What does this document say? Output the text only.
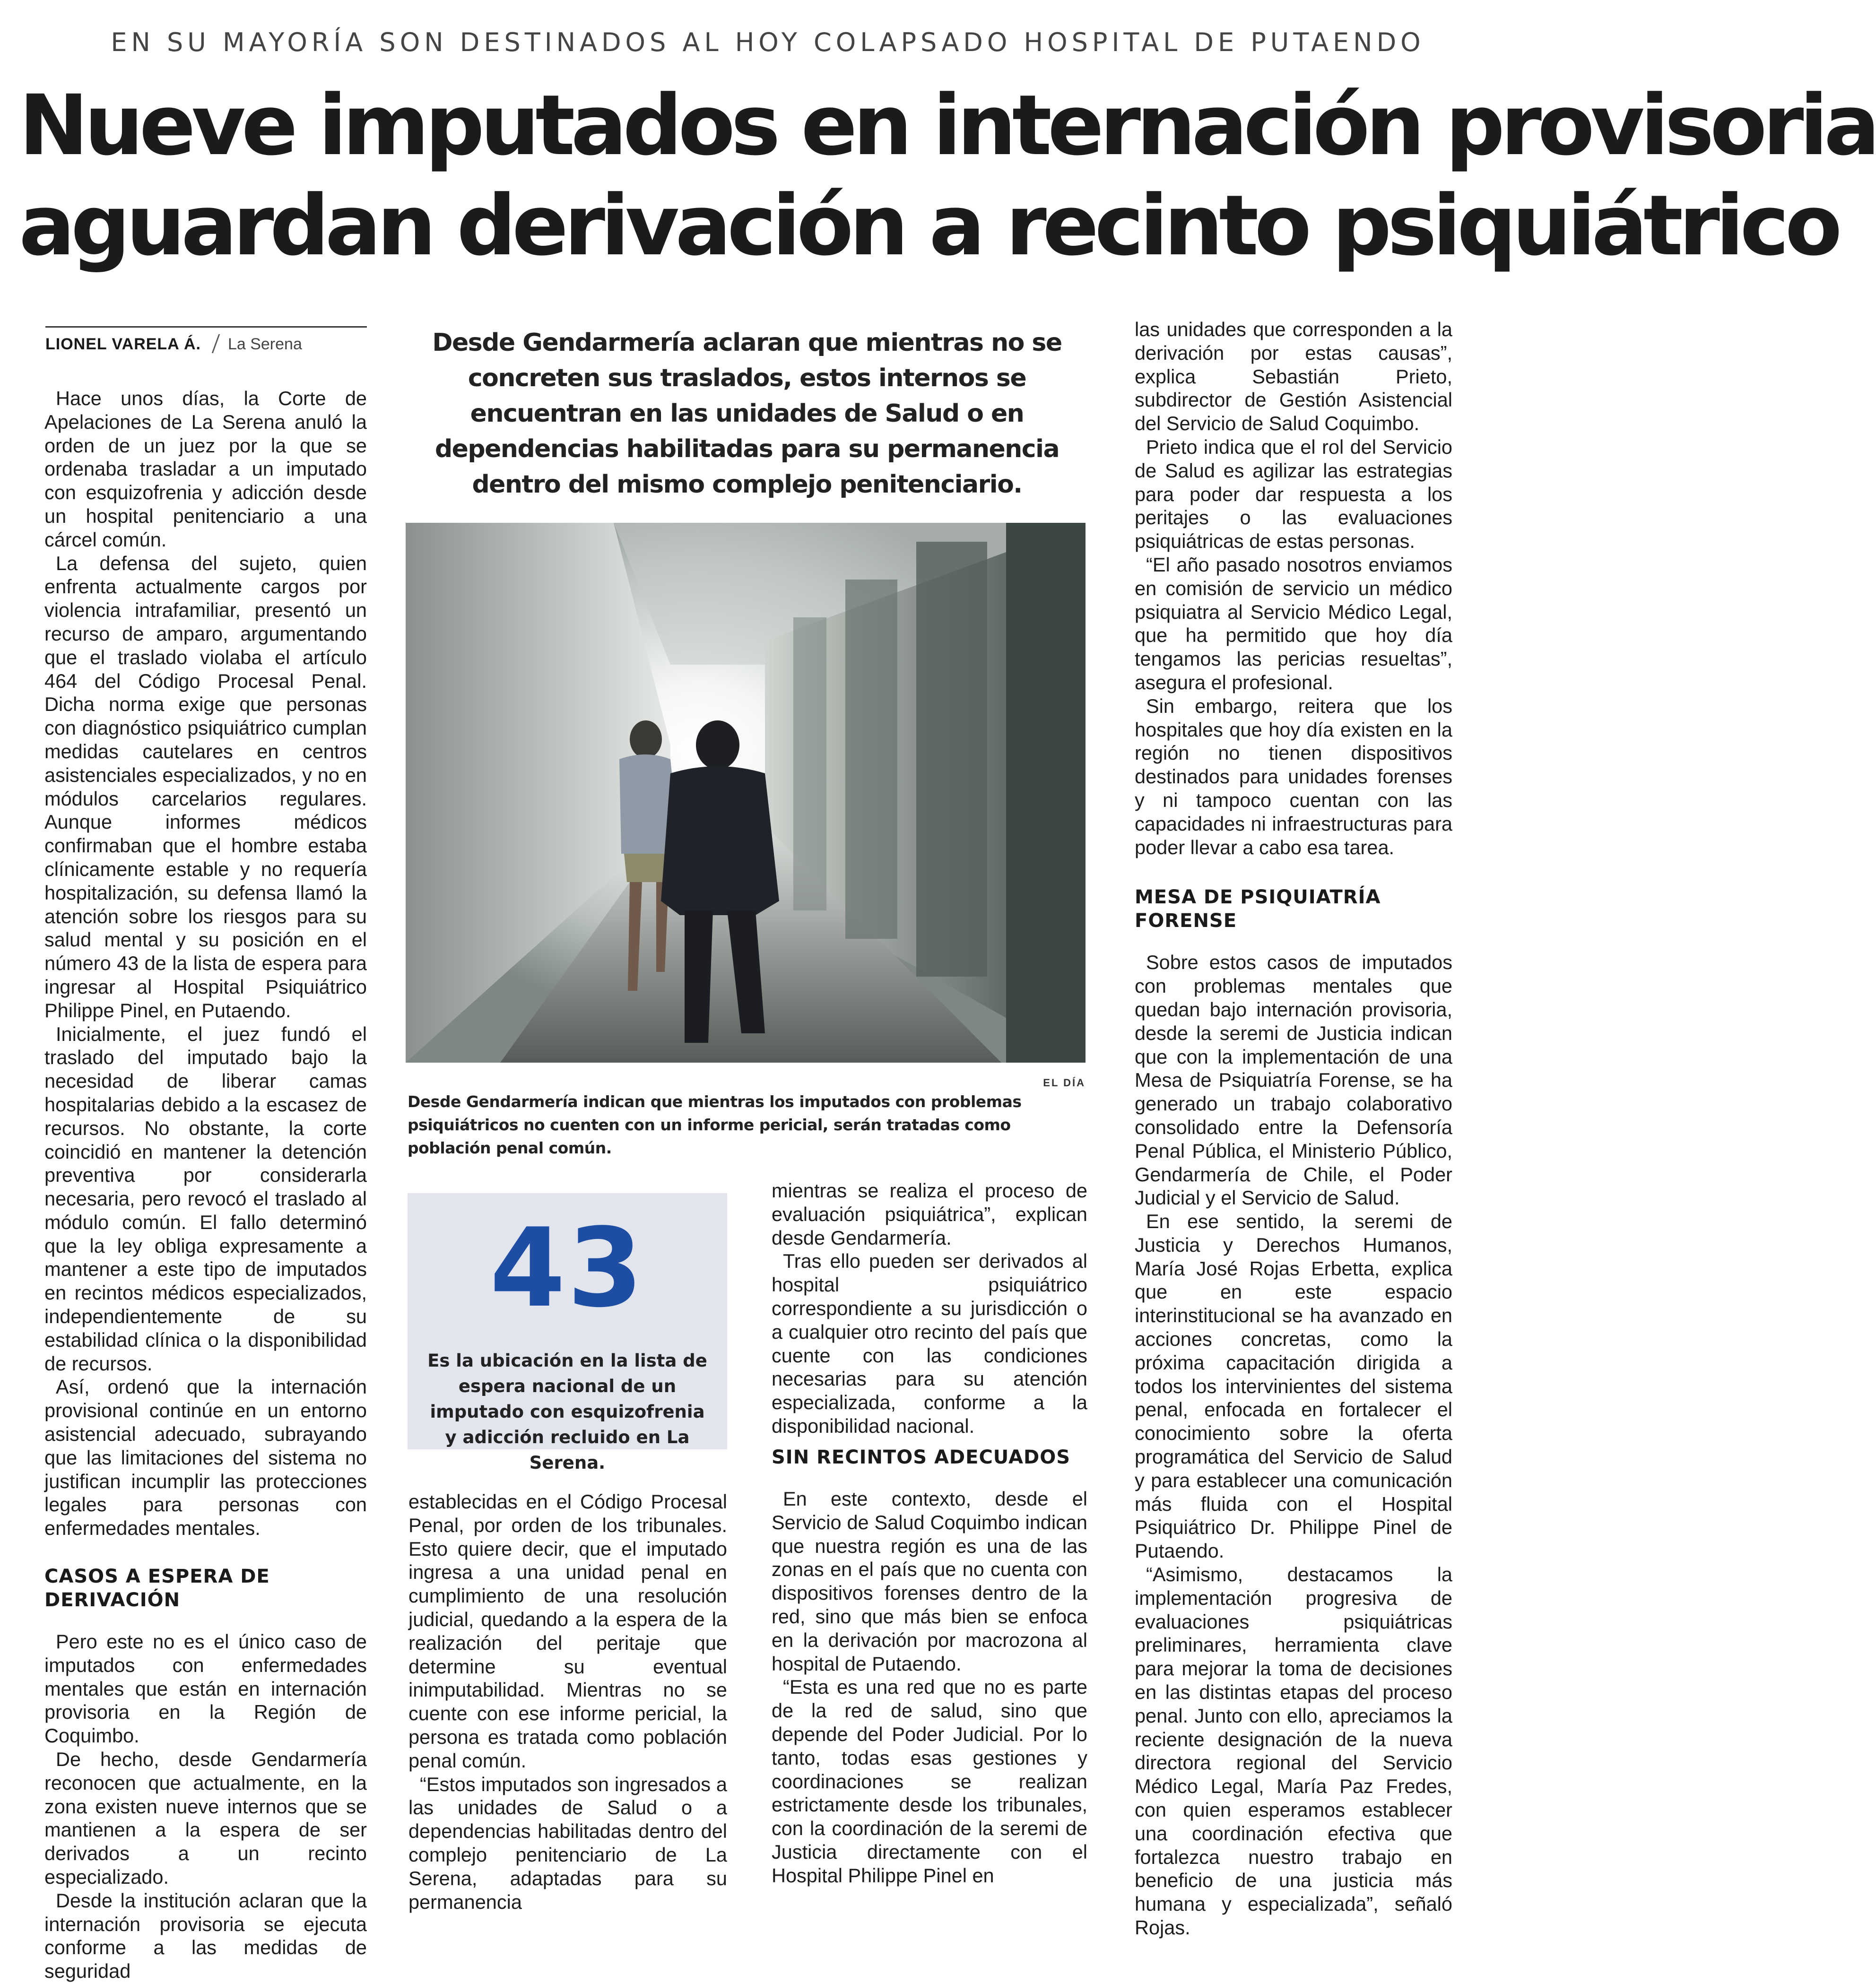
EN SU MAYORÍA SON DESTINADOS AL HOY COLAPSADO HOSPITAL DE PUTAENDO
Nueve imputados en internación provisoria
aguardan derivación a recinto psiquiátrico
LIONEL VARELA Á. La Serena

Hace unos días, la Corte de Apelaciones de La Serena anuló la orden de un juez por la que se ordenaba trasladar a un imputado con esquizofrenia y adicción desde un hospital penitenciario a una cárcel común.

La defensa del sujeto, quien enfrenta actualmente cargos por violencia intrafamiliar, presentó un recurso de amparo, argumentando que el traslado violaba el artículo 464 del Código Procesal Penal. Dicha norma exige que personas con diagnóstico psiquiátrico cumplan medidas cautelares en centros asistenciales especializados, y no en módulos carcelarios regulares. Aunque informes médicos confirmaban que el hombre estaba clínicamente estable y no requería hospitalización, su defensa llamó la atención sobre los riesgos para su salud mental y su posición en el número 43 de la lista de espera para ingresar al Hospital Psiquiátrico Philippe Pinel, en Putaendo.

Inicialmente, el juez fundó el traslado del imputado bajo la necesidad de liberar camas hospitalarias debido a la escasez de recursos. No obstante, la corte coincidió en mantener la detención preventiva por considerarla necesaria, pero revocó el traslado al módulo común. El fallo determinó que la ley obliga expresamente a mantener a este tipo de imputados en recintos médicos especializados, independientemente de su estabilidad clínica o la disponibilidad de recursos.

Así, ordenó que la internación provisional continúe en un entorno asistencial adecuado, subrayando que las limitaciones del sistema no justifican incumplir las protecciones legales para personas con enfermedades mentales.

CASOS A ESPERA DE DERIVACIÓN

Pero este no es el único caso de imputados con enfermedades mentales que están en internación provisoria en la Región de Coquimbo.

De hecho, desde Gendarmería reconocen que actualmente, en la zona existen nueve internos que se mantienen a la espera de ser derivados a un recinto especializado.

Desde la institución aclaran que la internación provisoria se ejecuta conforme a las medidas de seguridad

Desde Gendarmería aclaran que mientras no se concreten sus traslados, estos internos se encuentran en las unidades de Salud o en dependencias habilitadas para su permanencia dentro del mismo complejo penitenciario.
EL DÍA
Desde Gendarmería indican que mientras los imputados con problemas psiquiátricos no cuenten con un informe pericial, serán tratadas como población penal común.
43
Es la ubicación en la lista de espera nacional de un imputado con esquizofrenia y adicción recluido en La Serena.

establecidas en el Código Procesal Penal, por orden de los tribunales. Esto quiere decir, que el imputado ingresa a una unidad penal en cumplimiento de una resolución judicial, quedando a la espera de la realización del peritaje que determine su eventual inimputabilidad. Mientras no se cuente con ese informe pericial, la persona es tratada como población penal común.

“Estos imputados son ingresados a las unidades de Salud o a dependencias habilitadas dentro del complejo penitenciario de La Serena, adaptadas para su permanencia

mientras se realiza el proceso de evaluación psiquiátrica”, explican desde Gendarmería.

Tras ello pueden ser derivados al hospital psiquiátrico correspondiente a su jurisdicción o a cualquier otro recinto del país que cuente con las condiciones necesarias para su atención especializada, conforme a la disponibilidad nacional.

SIN RECINTOS ADECUADOS

En este contexto, desde el Servicio de Salud Coquimbo indican que nuestra región es una de las zonas en el país que no cuenta con dispositivos forenses dentro de la red, sino que más bien se enfoca en la derivación por macrozona al hospital de Putaendo.

“Esta es una red que no es parte de la red de salud, sino que depende del Poder Judicial. Por lo tanto, todas esas gestiones y coordinaciones se realizan estrictamente desde los tribunales, con la coordinación de la seremi de Justicia directamente con el Hospital Philippe Pinel en

las unidades que corresponden a la derivación por estas causas”, explica Sebastián Prieto, subdirector de Gestión Asistencial del Servicio de Salud Coquimbo.

Prieto indica que el rol del Servicio de Salud es agilizar las estrategias para poder dar respuesta a los peritajes o las evaluaciones psiquiátricas de estas personas.

“El año pasado nosotros enviamos en comisión de servicio un médico psiquiatra al Servicio Médico Legal, que ha permitido que hoy día tengamos las pericias resueltas”, asegura el profesional.

Sin embargo, reitera que los hospitales que hoy día existen en la región no tienen dispositivos destinados para unidades forenses y ni tampoco cuentan con las capacidades ni infraestructuras para poder llevar a cabo esa tarea.

MESA DE PSIQUIATRÍA FORENSE

Sobre estos casos de imputados con problemas mentales que quedan bajo internación provisoria, desde la seremi de Justicia indican que con la implementación de una Mesa de Psiquiatría Forense, se ha generado un trabajo colaborativo consolidado entre la Defensoría Penal Pública, el Ministerio Público, Gendarmería de Chile, el Poder Judicial y el Servicio de Salud.

En ese sentido, la seremi de Justicia y Derechos Humanos, María José Rojas Erbetta, explica que en este espacio interinstitucional se ha avanzado en acciones concretas, como la próxima capacitación dirigida a todos los intervinientes del sistema penal, enfocada en fortalecer el conocimiento sobre la oferta programática del Servicio de Salud y para establecer una comunicación más fluida con el Hospital Psiquiátrico Dr. Philippe Pinel de Putaendo.

“Asimismo, destacamos la implementación progresiva de evaluaciones psiquiátricas preliminares, herramienta clave para mejorar la toma de decisiones en las distintas etapas del proceso penal. Junto con ello, apreciamos la reciente designación de la nueva directora regional del Servicio Médico Legal, María Paz Fredes, con quien esperamos establecer una coordinación efectiva que fortalezca nuestro trabajo en beneficio de una justicia más humana y especializada”, señaló Rojas.
